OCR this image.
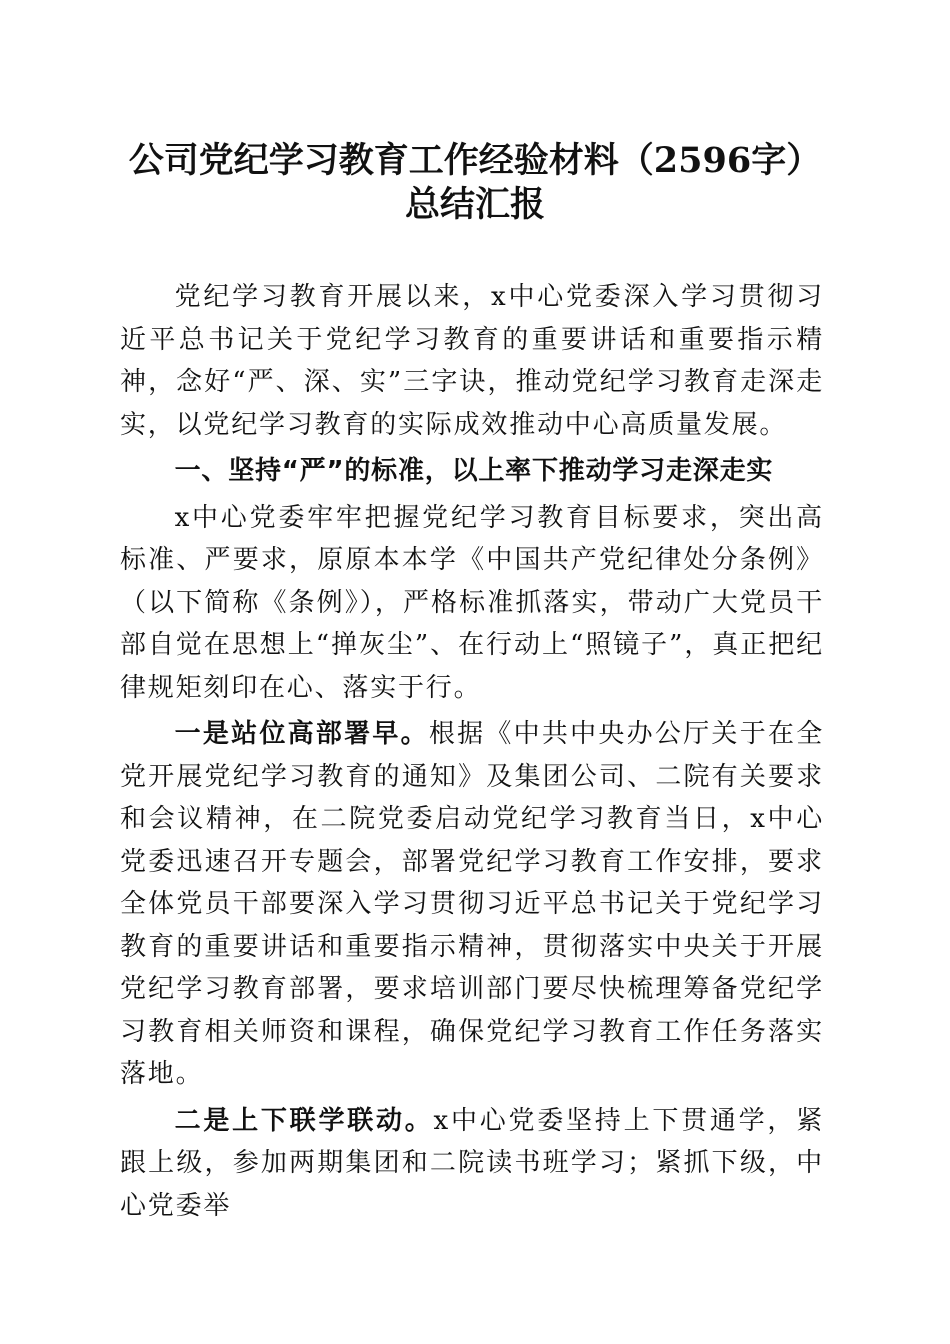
公司党纪学习教育工作经验材料（2596字）
总结汇报

党纪学习教育开展以来，x中心党委深入学习贯彻习近平总书记关于党纪学习教育的重要讲话和重要指示精神，念好“严、深、实”三字诀，推动党纪学习教育走深走实，以党纪学习教育的实际成效推动中心高质量发展。

一、坚持“严”的标准，以上率下推动学习走深走实

x中心党委牢牢把握党纪学习教育目标要求，突出高标准、严要求，原原本本学《中国共产党纪律处分条例》（以下简称《条例》），严格标准抓落实，带动广大党员干部自觉在思想上“掸灰尘”、在行动上“照镜子”，真正把纪律规矩刻印在心、落实于行。

一是站位高部署早。根据《中共中央办公厅关于在全党开展党纪学习教育的通知》及集团公司、二院有关要求和会议精神，在二院党委启动党纪学习教育当日，x中心党委迅速召开专题会，部署党纪学习教育工作安排，要求全体党员干部要深入学习贯彻习近平总书记关于党纪学习教育的重要讲话和重要指示精神，贯彻落实中央关于开展党纪学习教育部署，要求培训部门要尽快梳理筹备党纪学习教育相关师资和课程，确保党纪学习教育工作任务落实落地。

二是上下联学联动。x中心党委坚持上下贯通学，紧跟上级，参加两期集团和二院读书班学习；紧抓下级，中心党委举
